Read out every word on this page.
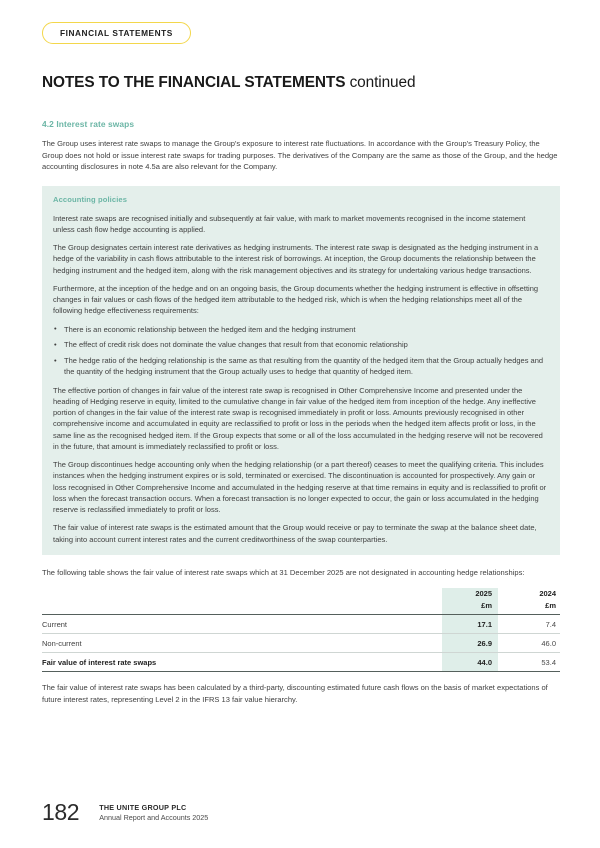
FINANCIAL STATEMENTS
NOTES TO THE FINANCIAL STATEMENTS continued
4.2 Interest rate swaps

The Group uses interest rate swaps to manage the Group's exposure to interest rate fluctuations. In accordance with the Group's Treasury Policy, the Group does not hold or issue interest rate swaps for trading purposes. The derivatives of the Company are the same as those of the Group, and the hedge accounting disclosures in note 4.5a are also relevant for the Company.

Accounting policies

Interest rate swaps are recognised initially and subsequently at fair value, with mark to market movements recognised in the income statement unless cash flow hedge accounting is applied.

The Group designates certain interest rate derivatives as hedging instruments. The interest rate swap is designated as the hedging instrument in a hedge of the variability in cash flows attributable to the interest risk of borrowings. At inception, the Group documents the relationship between the hedging instrument and the hedged item, along with the risk management objectives and its strategy for undertaking various hedge transactions.

Furthermore, at the inception of the hedge and on an ongoing basis, the Group documents whether the hedging instrument is effective in offsetting changes in fair values or cash flows of the hedged item attributable to the hedged risk, which is when the hedging relationships meet all of the following hedge effectiveness requirements:

• There is an economic relationship between the hedged item and the hedging instrument
• The effect of credit risk does not dominate the value changes that result from that economic relationship
• The hedge ratio of the hedging relationship is the same as that resulting from the quantity of the hedged item that the Group actually hedges and the quantity of the hedging instrument that the Group actually uses to hedge that quantity of hedged item.

The effective portion of changes in fair value of the interest rate swap is recognised in Other Comprehensive Income and presented under the heading of Hedging reserve in equity, limited to the cumulative change in fair value of the hedged item from inception of the hedge. Any ineffective portion of changes in the fair value of the interest rate swap is recognised immediately in profit or loss. Amounts previously recognised in other comprehensive income and accumulated in equity are reclassified to profit or loss in the periods when the hedged item affects profit or loss, in the same line as the recognised hedged item. If the Group expects that some or all of the loss accumulated in the hedging reserve will not be recovered in the future, that amount is immediately reclassified to profit or loss.

The Group discontinues hedge accounting only when the hedging relationship (or a part thereof) ceases to meet the qualifying criteria. This includes instances when the hedging instrument expires or is sold, terminated or exercised. The discontinuation is accounted for prospectively. Any gain or loss recognised in Other Comprehensive Income and accumulated in the hedging reserve at that time remains in equity and is reclassified to profit or loss when the forecast transaction occurs. When a forecast transaction is no longer expected to occur, the gain or loss accumulated in the hedging reserve is reclassified immediately to profit or loss.

The fair value of interest rate swaps is the estimated amount that the Group would receive or pay to terminate the swap at the balance sheet date, taking into account current interest rates and the current creditworthiness of the swap counterparties.

The following table shows the fair value of interest rate swaps which at 31 December 2025 are not designated in accounting hedge relationships:

	2025	2024
	£m	£m
Current	17.1	7.4
Non-current	26.9	46.0
Fair value of interest rate swaps	44.0	53.4

The fair value of interest rate swaps has been calculated by a third-party, discounting estimated future cash flows on the basis of market expectations of future interest rates, representing Level 2 in the IFRS 13 fair value hierarchy.

182	THE UNITE GROUP PLC
Annual Report and Accounts 2025
